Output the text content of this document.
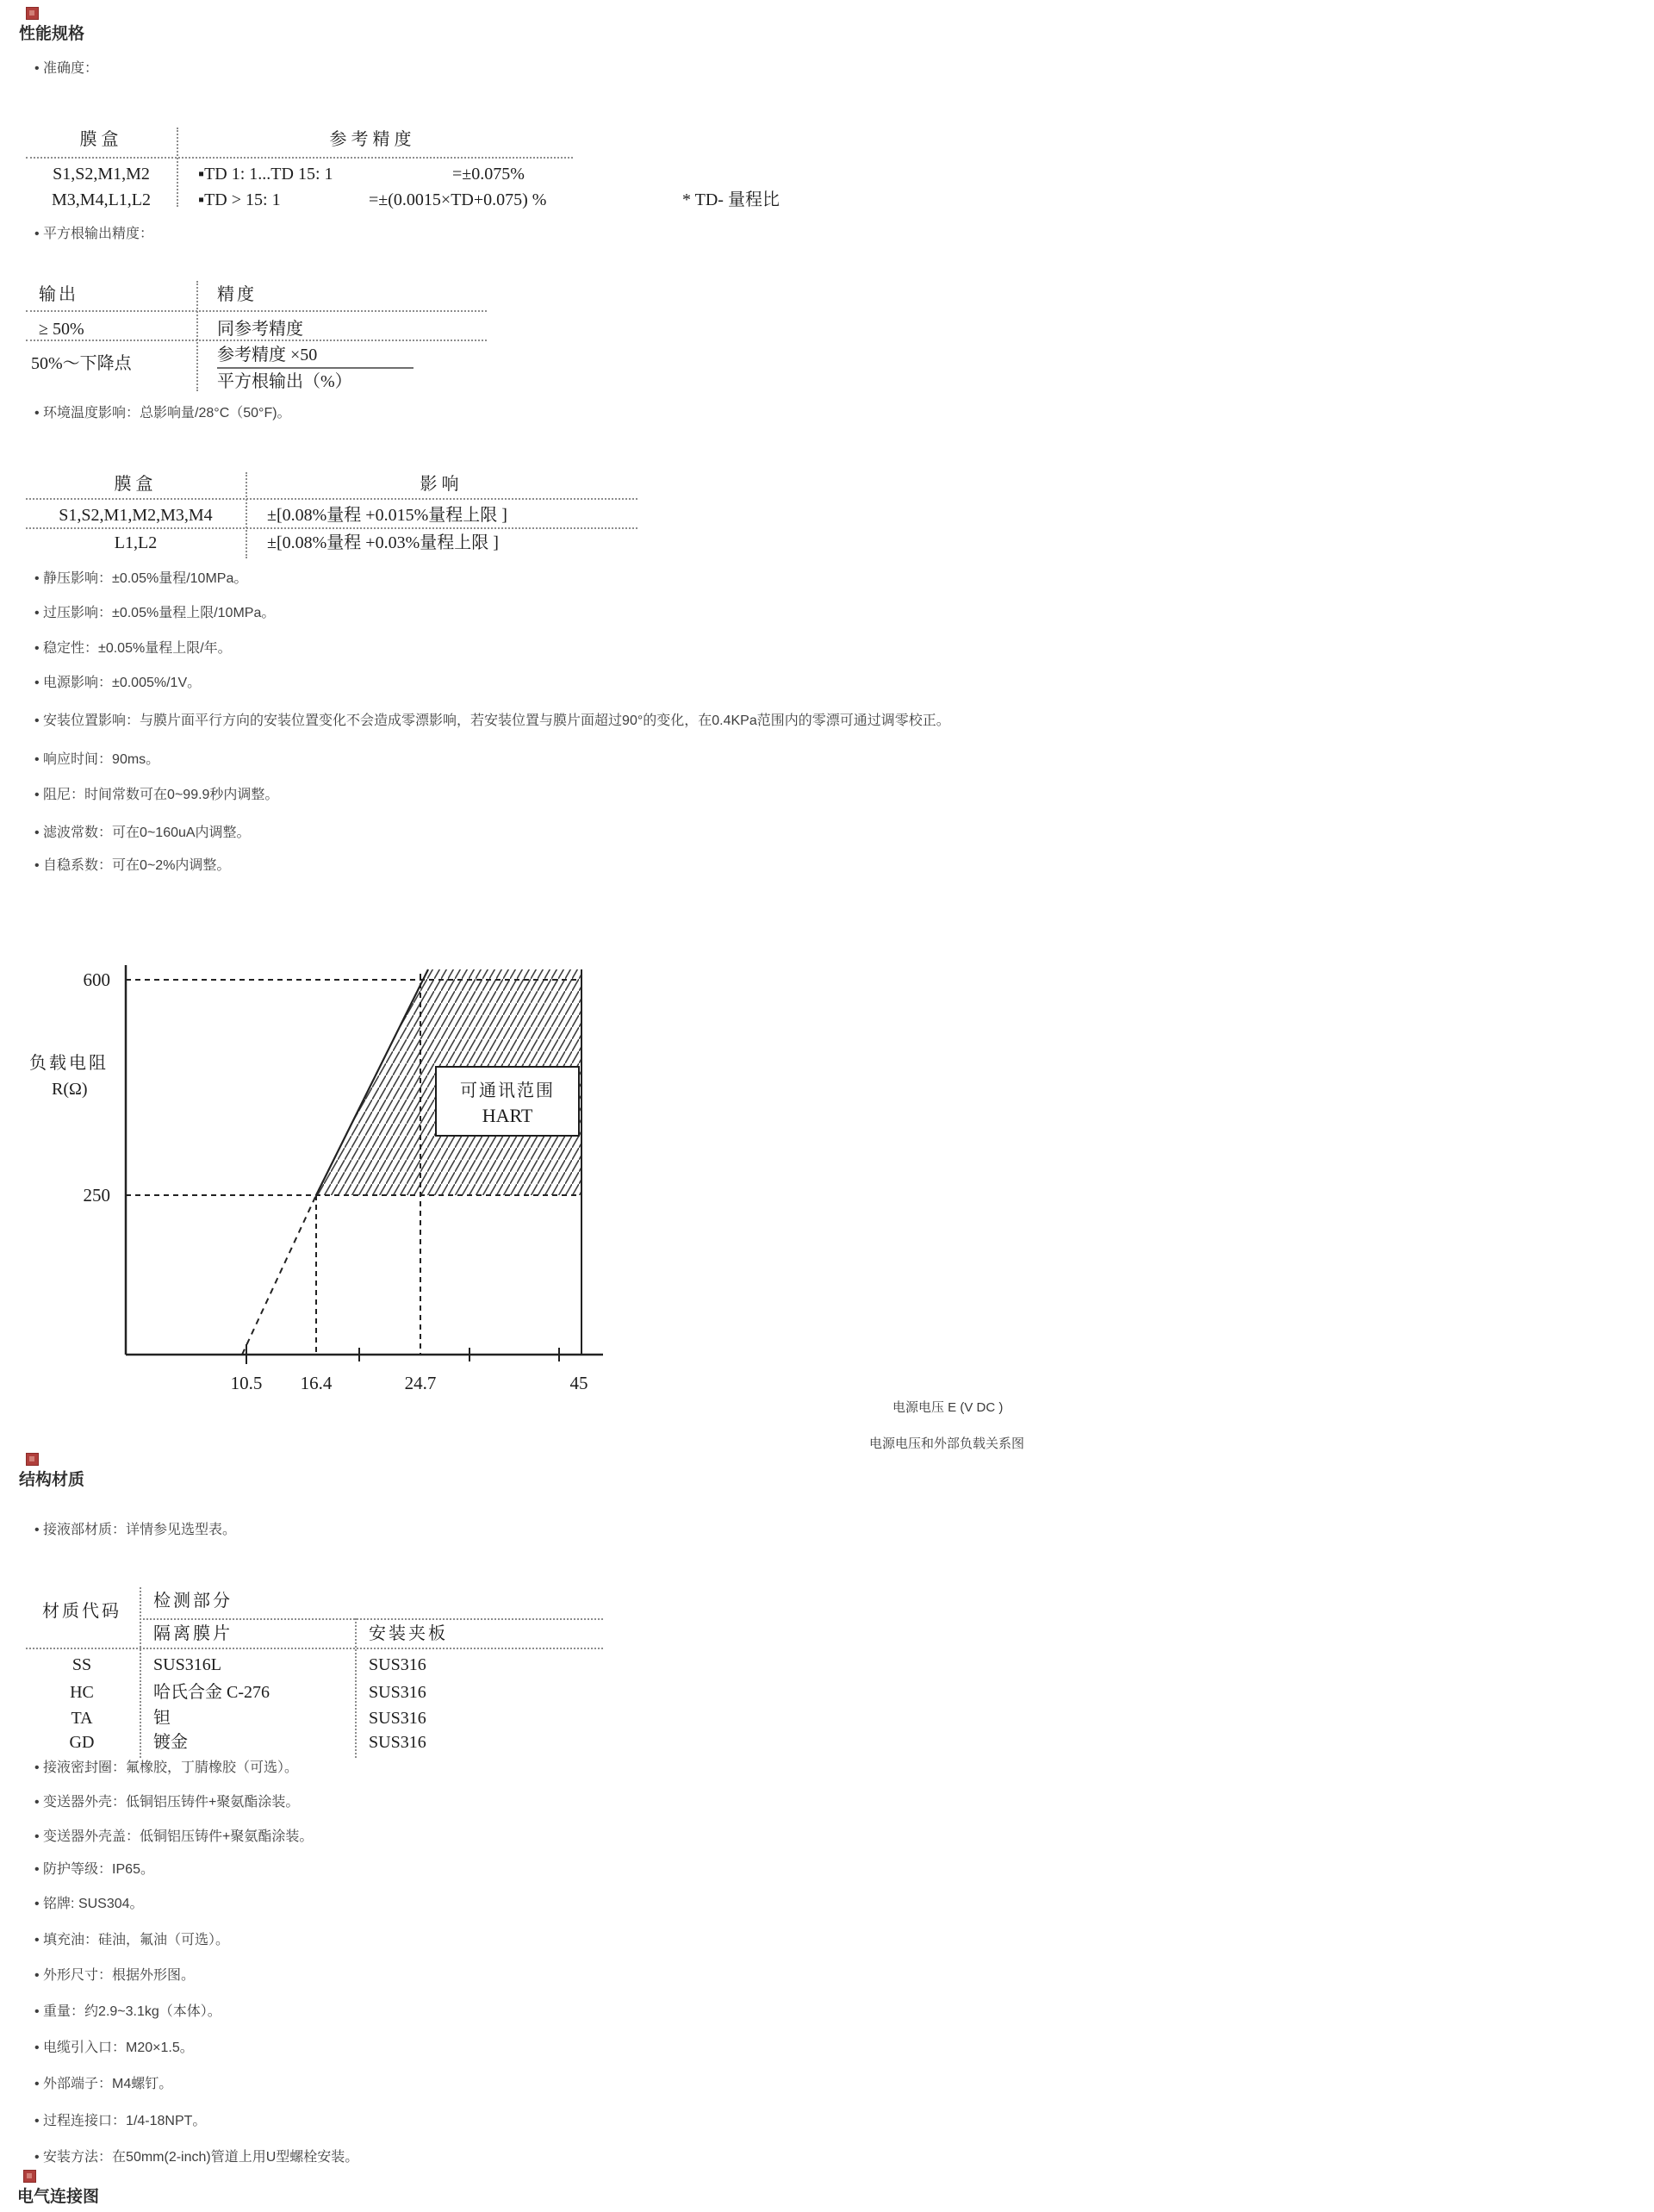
性能规格
• 准确度：
膜盒	参考精度
S1,S2,M1,M2	▪TD 1: 1...TD 15: 1	=±0.075%
M3,M4,L1,L2	▪TD > 15: 1	=±(0.0015×TD+0.075) %	* TD- 量程比
• 平方根输出精度：
输出	精度
≥ 50%	同参考精度
50%～下降点	参考精度 ×50
平方根输出（%）
• 环境温度影响：总影响量/28°C（50°F)。
膜盒	影响
S1,S2,M1,M2,M3,M4	±[0.08%量程 +0.015%量程上限 ]
L1,L2	±[0.08%量程 +0.03%量程上限 ]
• 静压影响：±0.05%量程/10MPa。
• 过压影响：±0.05%量程上限/10MPa。
• 稳定性：±0.05%量程上限/年。
• 电源影响：±0.005%/1V。
• 安装位置影响：与膜片面平行方向的安装位置变化不会造成零漂影响，若安装位置与膜片面超过90°的变化，在0.4KPa范围内的零漂可通过调零校正。
• 响应时间：90ms。
• 阻尼：时间常数可在0~99.9秒内调整。
• 滤波常数：可在0~160uA内调整。
• 自稳系数：可在0~2%内调整。
可通讯范围
HART
600
250
负载电阻
R(Ω)
10.5 16.4	24.7	45
电源电压 E (V DC )
电源电压和外部负载关系图
结构材质
• 接液部材质：详情参见选型表。
材质代码
检测部分
隔离膜片	安装夹板
SS	SUS316L	SUS316
HC	哈氏合金 C-276	SUS316
TA	钽	SUS316
GD	镀金	SUS316
• 接液密封圈：氟橡胶，丁腈橡胶（可选）。
• 变送器外壳：低铜铝压铸件+聚氨酯涂装。
• 变送器外壳盖：低铜铝压铸件+聚氨酯涂装。
• 防护等级：IP65。
• 铭牌: SUS304。
• 填充油：硅油，氟油（可选）。
• 外形尺寸：根据外形图。
• 重量：约2.9~3.1kg（本体）。
• 电缆引入口：M20×1.5。
• 外部端子：M4螺钉。
• 过程连接口：1/4-18NPT。
• 安装方法：在50mm(2-inch)管道上用U型螺栓安装。
电气连接图
